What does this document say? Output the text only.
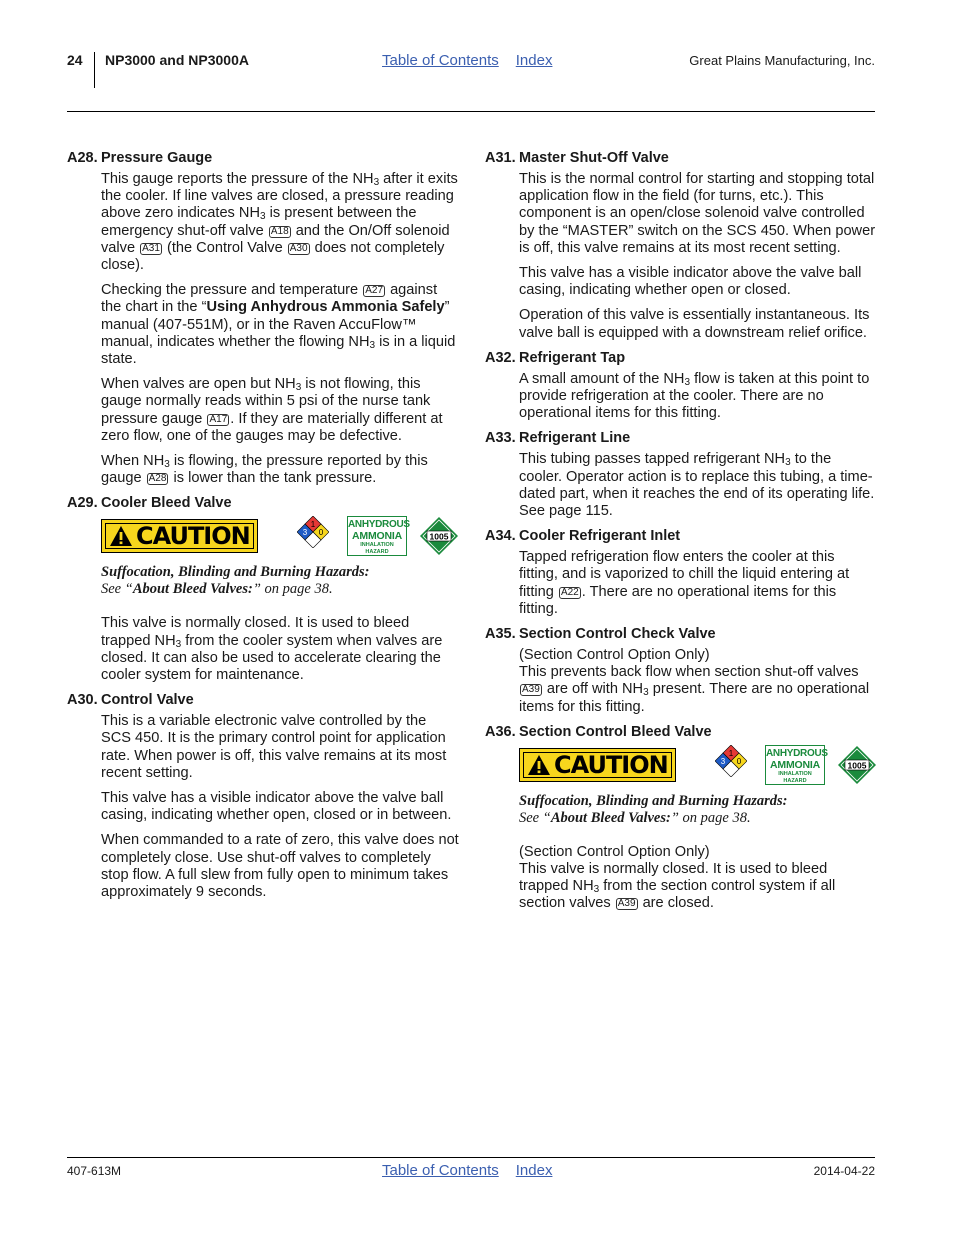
24 NP3000 and NP3000A	Table of Contents Index	Great Plains Manufacturing, Inc.
A28. Pressure Gauge

This gauge reports the pressure of the $NH_3$ after it exits the cooler. If line valves are closed, a pressure reading above zero indicates $NH_3$ is present between the emergency shut-off valve A18 and the On/Off solenoid valve A31 (the Control Valve A30 does not completely close).

Checking the pressure and temperature A27 against the chart in the “Using Anhydrous Ammonia Safely” manual (407-551M), or in the Raven AccuFlow™ manual, indicates whether the flowing $NH_3$ is in a liquid state.

When valves are open but $NH_3$ is not flowing, this gauge normally reads within 5 psi of the nurse tank pressure gauge A17 . If they are materially different at zero flow, one of the gauges may be defective.

When $NH_3$ is flowing, the pressure reported by this gauge A28 is lower than the tank pressure.

A29. Cooler Bleed Valve
CAUTION	1
3 0
ANHYDROUS
AMMONIA
INHALATION HAZARD
1005
Suffocation, Blinding and Burning Hazards:
See “About Bleed Valves:” on page 38.

This valve is normally closed. It is used to bleed trapped $NH_3$ from the cooler system when valves are closed. It can also be used to accelerate clearing the cooler system for maintenance.

A30. Control Valve

This is a variable electronic valve controlled by the SCS 450. It is the primary control point for application rate. When power is off, this valve remains at its most recent setting.

This valve has a visible indicator above the valve ball casing, indicating whether open, closed or in between.

When commanded to a rate of zero, this valve does not completely close. Use shut-off valves to completely stop flow. A full slew from fully open to minimum takes approximately 9 seconds.

A31. Master Shut-Off Valve

This is the normal control for starting and stopping total application flow in the field (for turns, etc.). This component is an open/close solenoid valve controlled by the “MASTER” switch on the SCS 450. When power is off, this valve remains at its most recent setting.

This valve has a visible indicator above the valve ball casing, indicating whether open or closed.

Operation of this valve is essentially instantaneous. Its valve ball is equipped with a downstream relief orifice.

A32. Refrigerant Tap

A small amount of the $NH_3$ flow is taken at this point to provide refrigeration at the cooler. There are no operational items for this fitting.

A33. Refrigerant Line

This tubing passes tapped refrigerant $NH_3$ to the cooler. Operator action is to replace this tubing, a time-dated part, when it reaches the end of its operating life. See page 115.

A34. Cooler Refrigerant Inlet

Tapped refrigeration flow enters the cooler at this fitting, and is vaporized to chill the liquid entering at fitting A22 . There are no operational items for this fitting.

A35. Section Control Check Valve

(Section Control Option Only)
This prevents back flow when section shut-off valves A39 are off with $NH_3$ present. There are no operational items for this fitting.

A36. Section Control Bleed Valve
CAUTION	1
3 0
ANHYDROUS
AMMONIA
INHALATION HAZARD
1005
Suffocation, Blinding and Burning Hazards:
See “About Bleed Valves:” on page 38.

(Section Control Option Only)
This valve is normally closed. It is used to bleed trapped $NH_3$ from the section control system if all section valves A39 are closed.

407-613M	Table of Contents Index	2014-04-22
